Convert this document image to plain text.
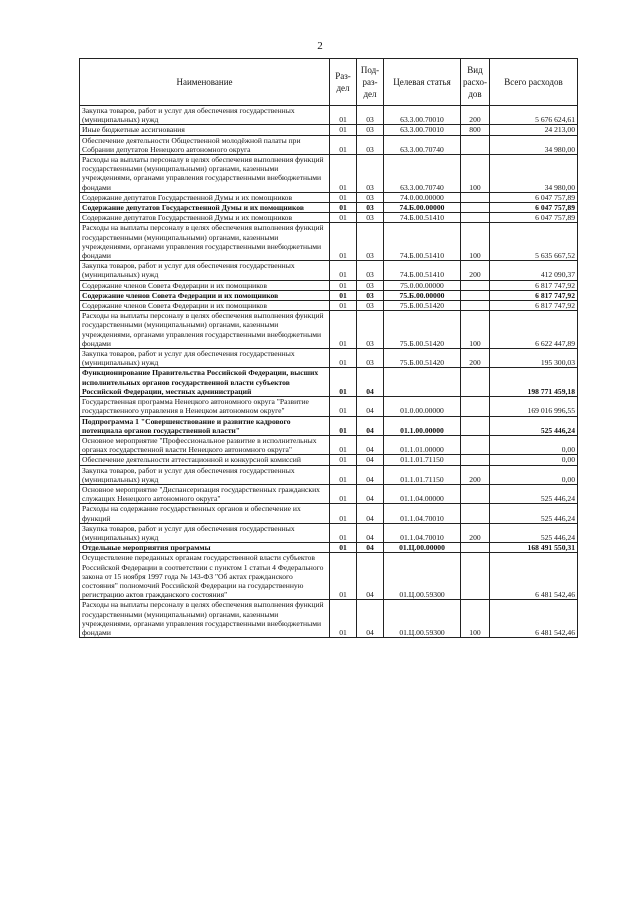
2
Наименование	Раз-дел	Под-раз-дел	Целевая статья	Вид расхо-дов	Всего расходов
Закупка товаров, работ и услуг для обеспечения государственных (муниципальных) нужд	01	03	63.3.00.70010	200	5 676 624,61
Иные бюджетные ассигнования	01	03	63.3.00.70010	800	24 213,00
Обеспечение деятельности Общественной молодёжной палаты при Собрании депутатов Ненецкого автономного округа	01	03	63.3.00.70740		34 980,00
Расходы на выплаты персоналу в целях обеспечения выполнения функций государственными (муниципальными) органами, казенными учреждениями, органами управления государственными внебюджетными фондами	01	03	63.3.00.70740	100	34 980,00
Содержание депутатов Государственной Думы и их помощников	01	03	74.0.00.00000		6 047 757,89
Содержание депутатов Государственной Думы и их помощников	01	03	74.Б.00.00000		6 047 757,89
Содержание депутатов Государственной Думы и их помощников	01	03	74.Б.00.51410		6 047 757,89
Расходы на выплаты персоналу в целях обеспечения выполнения функций государственными (муниципальными) органами, казенными учреждениями, органами управления государственными внебюджетными фондами	01	03	74.Б.00.51410	100	5 635 667,52
Закупка товаров, работ и услуг для обеспечения государственных (муниципальных) нужд	01	03	74.Б.00.51410	200	412 090,37
Содержание членов Совета Федерации и их помощников	01	03	75.0.00.00000		6 817 747,92
Содержание членов Совета Федерации и их помощников	01	03	75.Б.00.00000		6 817 747,92
Содержание членов Совета Федерации и их помощников	01	03	75.Б.00.51420		6 817 747,92
Расходы на выплаты персоналу в целях обеспечения выполнения функций государственными (муниципальными) органами, казенными учреждениями, органами управления государственными внебюджетными фондами	01	03	75.Б.00.51420	100	6 622 447,89
Закупка товаров, работ и услуг для обеспечения государственных (муниципальных) нужд	01	03	75.Б.00.51420	200	195 300,03
Функционирование Правительства Российской Федерации, высших исполнительных органов государственной власти субъектов Российской Федерации, местных администраций	01	04			198 771 459,18
Государственная программа Ненецкого автономного округа "Развитие государственного управления в Ненецком автономном округе"	01	04	01.0.00.00000		169 016 996,55
Подпрограмма 1 "Совершенствование и развитие кадрового потенциала органов государственной власти"	01	04	01.1.00.00000		525 446,24
Основное мероприятие "Профессиональное развитие в исполнительных органах государственной власти Ненецкого автономного округа"	01	04	01.1.01.00000		0,00
Обеспечение деятельности аттестационной и конкурсной комиссий	01	04	01.1.01.71150		0,00
Закупка товаров, работ и услуг для обеспечения государственных (муниципальных) нужд	01	04	01.1.01.71150	200	0,00
Основное мероприятие "Диспансеризация государственных гражданских служащих Ненецкого автономного округа"	01	04	01.1.04.00000		525 446,24
Расходы на содержание государственных органов и обеспечение их функций	01	04	01.1.04.70010		525 446,24
Закупка товаров, работ и услуг для обеспечения государственных (муниципальных) нужд	01	04	01.1.04.70010	200	525 446,24
Отдельные мероприятия программы	01	04	01.Ц.00.00000		168 491 550,31
Осуществление переданных органам государственной власти субъектов Российской Федерации в соответствии с пунктом 1 статьи 4 Федерального закона от 15 ноября 1997 года № 143-ФЗ "Об актах гражданского состояния" полномочий Российской Федерации на государственную регистрацию актов гражданского состояния"	01	04	01.Ц.00.59300		6 481 542,46
Расходы на выплаты персоналу в целях обеспечения выполнения функций государственными (муниципальными) органами, казенными учреждениями, органами управления государственными внебюджетными фондами	01	04	01.Ц.00.59300	100	6 481 542,46
